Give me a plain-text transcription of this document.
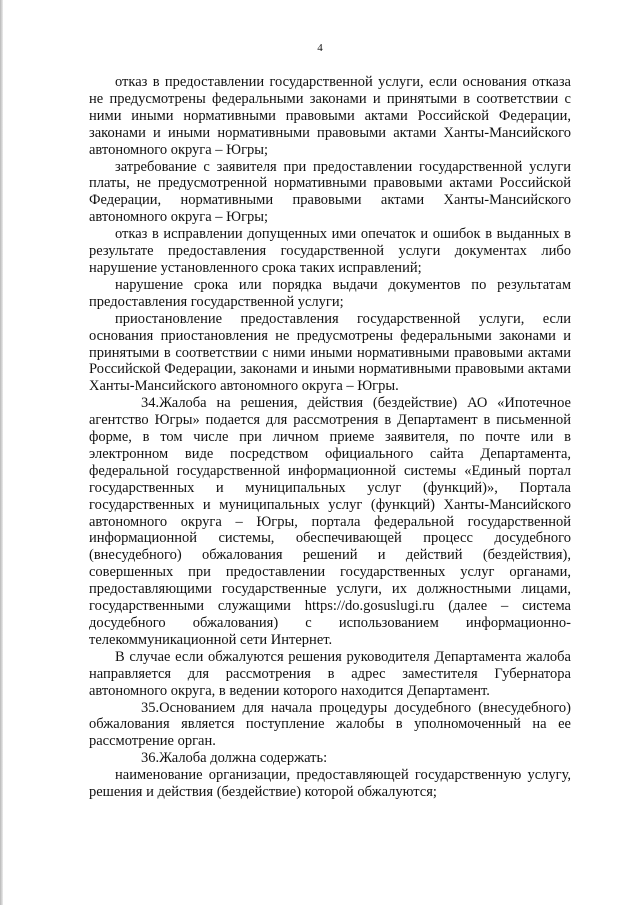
4

отказ в предоставлении государственной услуги, если основания отказа не предусмотрены федеральными законами и принятыми в соответствии с ними иными нормативными правовыми актами Российской Федерации, законами и иными нормативными правовыми актами Ханты-Мансийского автономного округа – Югры;

затребование с заявителя при предоставлении государственной услуги платы, не предусмотренной нормативными правовыми актами Российской Федерации, нормативными правовыми актами Ханты-Мансийского автономного округа – Югры;

отказ в исправлении допущенных ими опечаток и ошибок в выданных в результате предоставления государственной услуги документах либо нарушение установленного срока таких исправлений;

нарушение срока или порядка выдачи документов по результатам предоставления государственной услуги;

приостановление предоставления государственной услуги, если основания приостановления не предусмотрены федеральными законами и принятыми в соответствии с ними иными нормативными правовыми актами Российской Федерации, законами и иными нормативными правовыми актами Ханты-Мансийского автономного округа – Югры.

34.Жалоба на решения, действия (бездействие) АО «Ипотечное агентство Югры» подается для рассмотрения в Департамент в письменной форме, в том числе при личном приеме заявителя, по почте или в электронном виде посредством официального сайта Департамента, федеральной государственной информационной системы «Единый портал государственных и муниципальных услуг (функций)», Портала государственных и муниципальных услуг (функций) Ханты-Мансийского автономного округа – Югры, портала федеральной государственной информационной системы, обеспечивающей процесс досудебного (внесудебного) обжалования решений и действий (бездействия), совершенных при предоставлении государственных услуг органами, предоставляющими государственные услуги, их должностными лицами, государственными служащими https://do.gosuslugi.ru (далее – система досудебного обжалования) с использованием информационно-телекоммуникационной сети Интернет.

В случае если обжалуются решения руководителя Департамента жалоба направляется для рассмотрения в адрес заместителя Губернатора автономного округа, в ведении которого находится Департамент.

35.Основанием для начала процедуры досудебного (внесудебного) обжалования является поступление жалобы в уполномоченный на ее рассмотрение орган.

36.Жалоба должна содержать:

наименование организации, предоставляющей государственную услугу, решения и действия (бездействие) которой обжалуются;
